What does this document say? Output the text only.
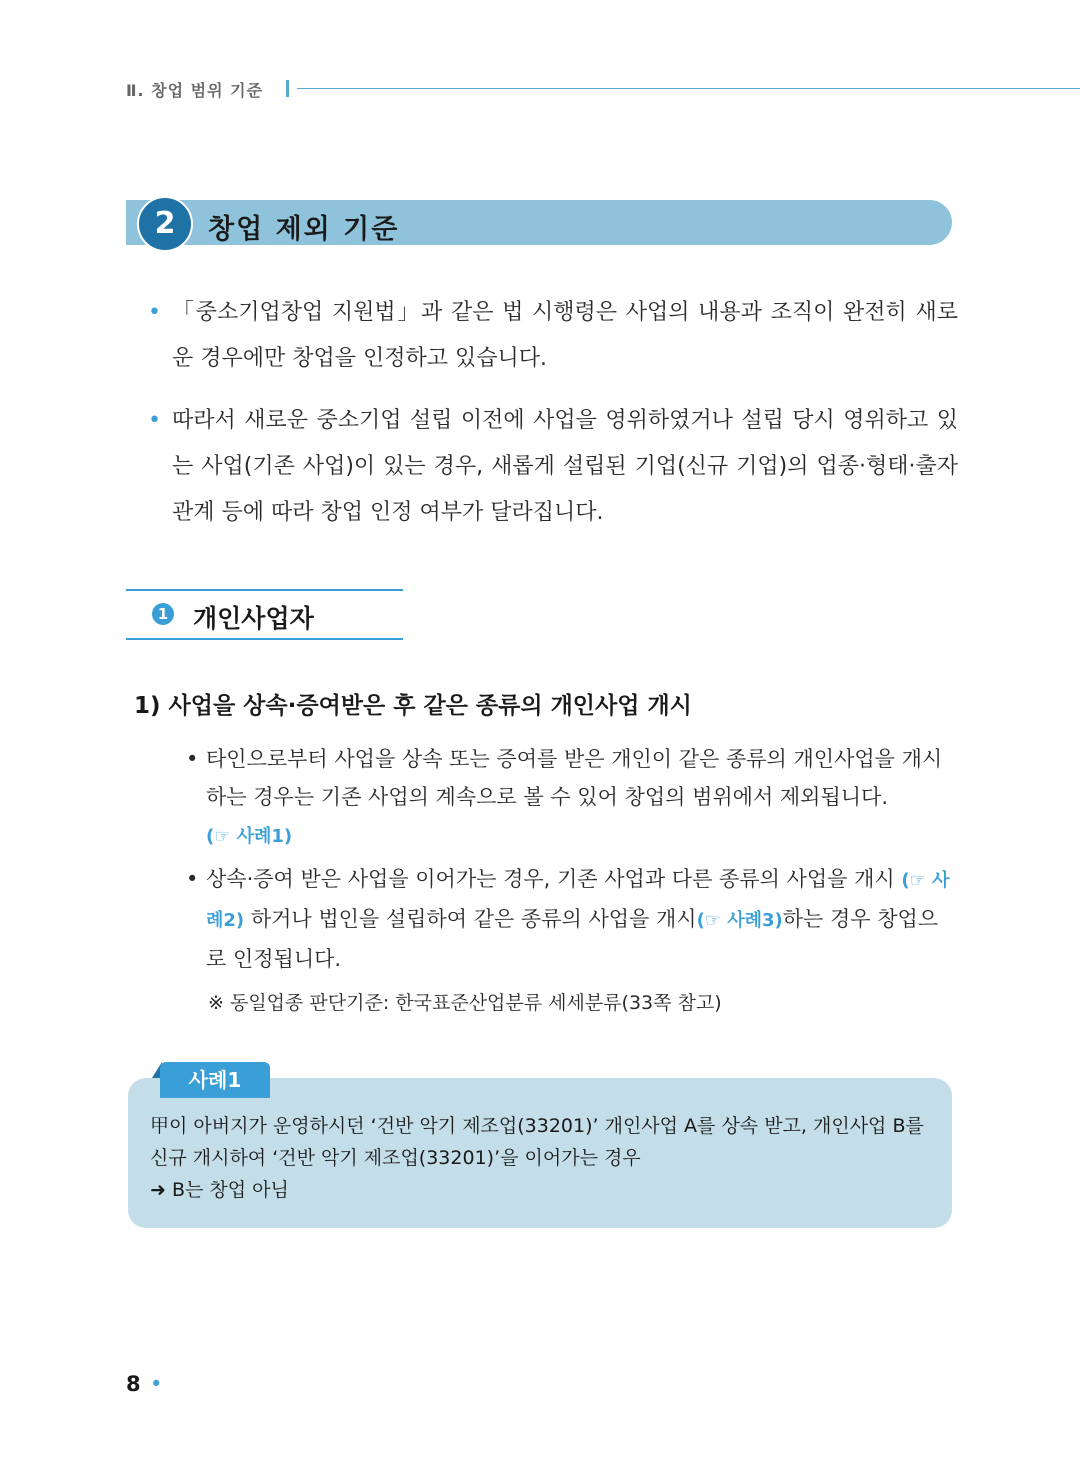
Ⅱ. 창업 범위 기준
2	창업 제외 기준
• 「중소기업창업 지원법」과 같은 법 시행령은 사업의 내용과 조직이 완전히 새로운 경우에만 창업을 인정하고 있습니다.
• 따라서 새로운 중소기업 설립 이전에 사업을 영위하였거나 설립 당시 영위하고 있는 사업(기존 사업)이 있는 경우, 새롭게 설립된 기업(신규 기업)의 업종·형태·출자관계 등에 따라 창업 인정 여부가 달라집니다.
1 개인사업자
1) 사업을 상속·증여받은 후 같은 종류의 개인사업 개시
• 타인으로부터 사업을 상속 또는 증여를 받은 개인이 같은 종류의 개인사업을 개시하는 경우는 기존 사업의 계속으로 볼 수 있어 창업의 범위에서 제외됩니다.
(☞ 사례1)
• 상속·증여 받은 사업을 이어가는 경우, 기존 사업과 다른 종류의 사업을 개시 (☞ 사례2) 하거나 법인을 설립하여 같은 종류의 사업을 개시(☞ 사례3)하는 경우 창업으로 인정됩니다.
※ 동일업종 판단기준: 한국표준산업분류 세세분류(33쪽 참고)
사례1
甲이 아버지가 운영하시던 ‘건반 악기 제조업(33201)’ 개인사업 A를 상속 받고, 개인사업 B를
신규 개시하여 ‘건반 악기 제조업(33201)’을 이어가는 경우
➜ B는 창업 아님
8 •
